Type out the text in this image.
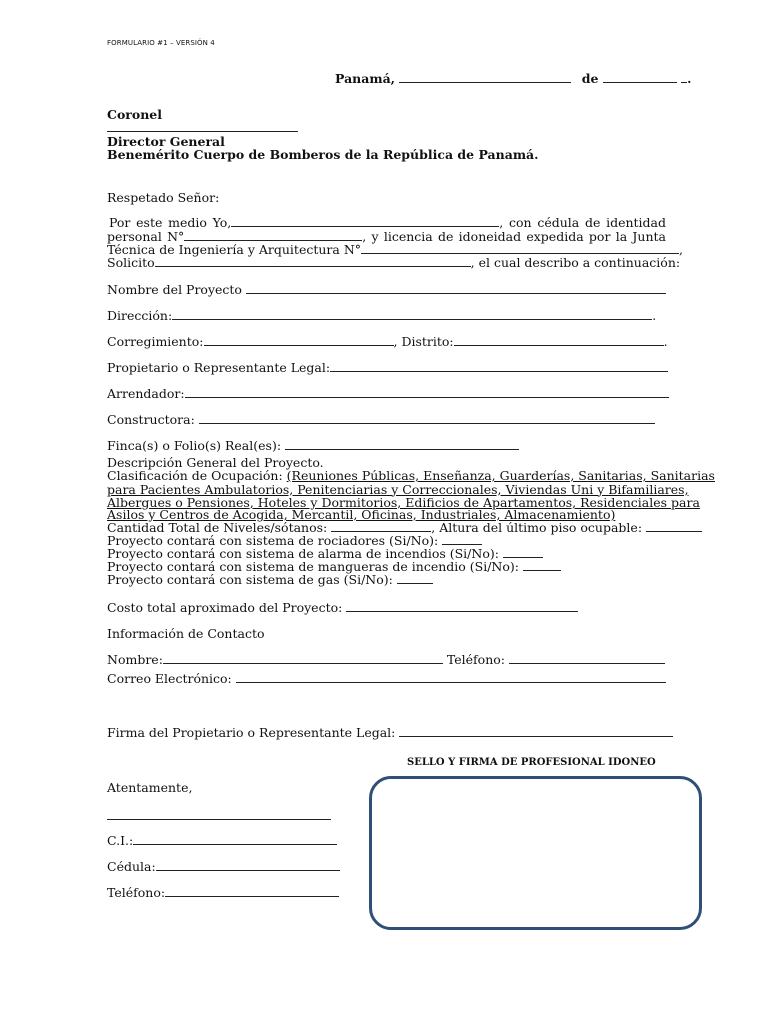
FORMULARIO #1 – VERSIÓN 4
Panamá,	de	.
Coronel
Director General
Benemérito Cuerpo de Bomberos de la República de Panamá.
Respetado Señor:
Por este medio Yo,	, con cédula de identidad
personal N°	, y licencia de idoneidad expedida por la Junta
Técnica de Ingeniería y Arquitectura N°	,
Solicito	, el cual describo a continuación:
Nombre del Proyecto
Dirección:	.
Corregimiento:	, Distrito:	.
Propietario o Representante Legal:
Arrendador:
Constructora:
Finca(s) o Folio(s) Real(es):
Descripción General del Proyecto.
Clasificación de Ocupación: (Reuniones Públicas, Enseñanza, Guarderías, Sanitarias, Sanitarias
para Pacientes Ambulatorios, Penitenciarias y Correccionales, Viviendas Uni y Bifamiliares,
Albergues o Pensiones, Hoteles y Dormitorios, Edificios de Apartamentos, Residenciales para
Asilos y Centros de Acogida, Mercantil, Oficinas, Industriales, Almacenamiento)
Cantidad Total de Niveles/sótanos:	, Altura del último piso ocupable:
Proyecto contará con sistema de rociadores (Si/No):
Proyecto contará con sistema de alarma de incendios (Si/No):
Proyecto contará con sistema de mangueras de incendio (Si/No):
Proyecto contará con sistema de gas (Si/No):
Costo total aproximado del Proyecto:
Información de Contacto
Nombre:	Teléfono:
Correo Electrónico:
Firma del Propietario o Representante Legal:
SELLO Y FIRMA DE PROFESIONAL IDONEO
Atentamente,
C.I.:
Cédula:
Teléfono:
